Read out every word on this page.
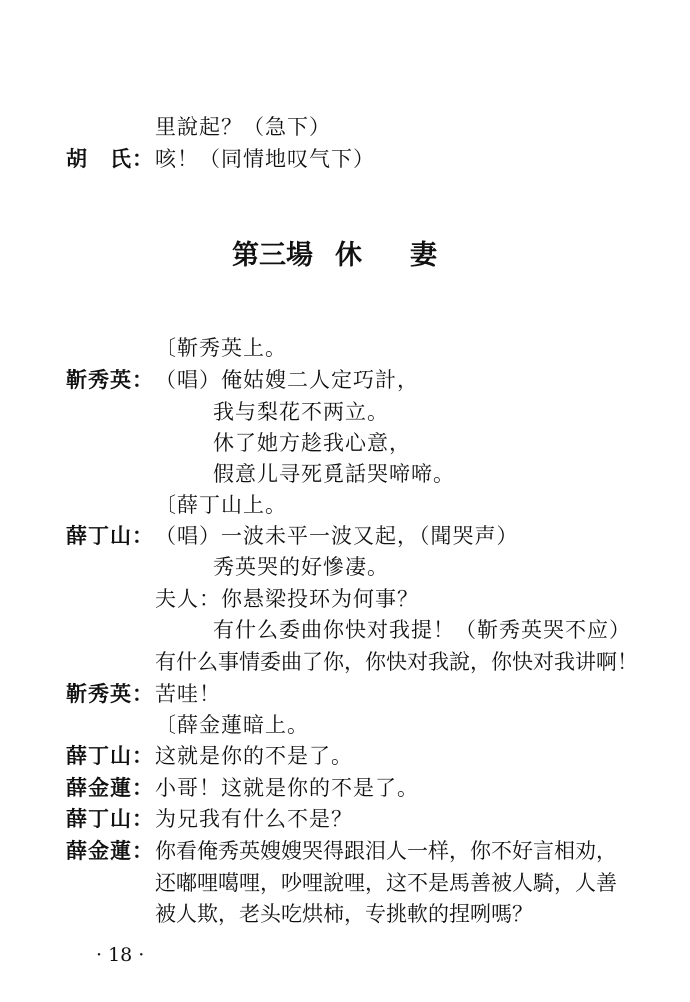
里說起？（急下）
胡　氏： 咳！（同情地叹气下）
第三場 休 妻
〔靳秀英上。
靳秀英： （唱）俺姑嫂二人定巧計，
我与梨花不两立。
休了她方趁我心意，
假意儿寻死覓話哭啼啼。
〔薛丁山上。
薛丁山： （唱）一波未平一波又起，（聞哭声）
秀英哭的好慘凄。
夫人：你悬梁投环为何事？
有什么委曲你快对我提！（靳秀英哭不应）
有什么事情委曲了你，你快对我說，你快对我讲啊！
靳秀英： 苦哇！
〔薛金蓮暗上。
薛丁山： 这就是你的不是了。
薛金蓮： 小哥！这就是你的不是了。
薛丁山： 为兄我有什么不是？
薛金蓮： 你看俺秀英嫂嫂哭得跟泪人一样，你不好言相劝，
还嘟哩噶哩，吵哩說哩，这不是馬善被人騎，人善
被人欺，老头吃烘柿，专挑軟的捏咧嗎？
· 18 ·
